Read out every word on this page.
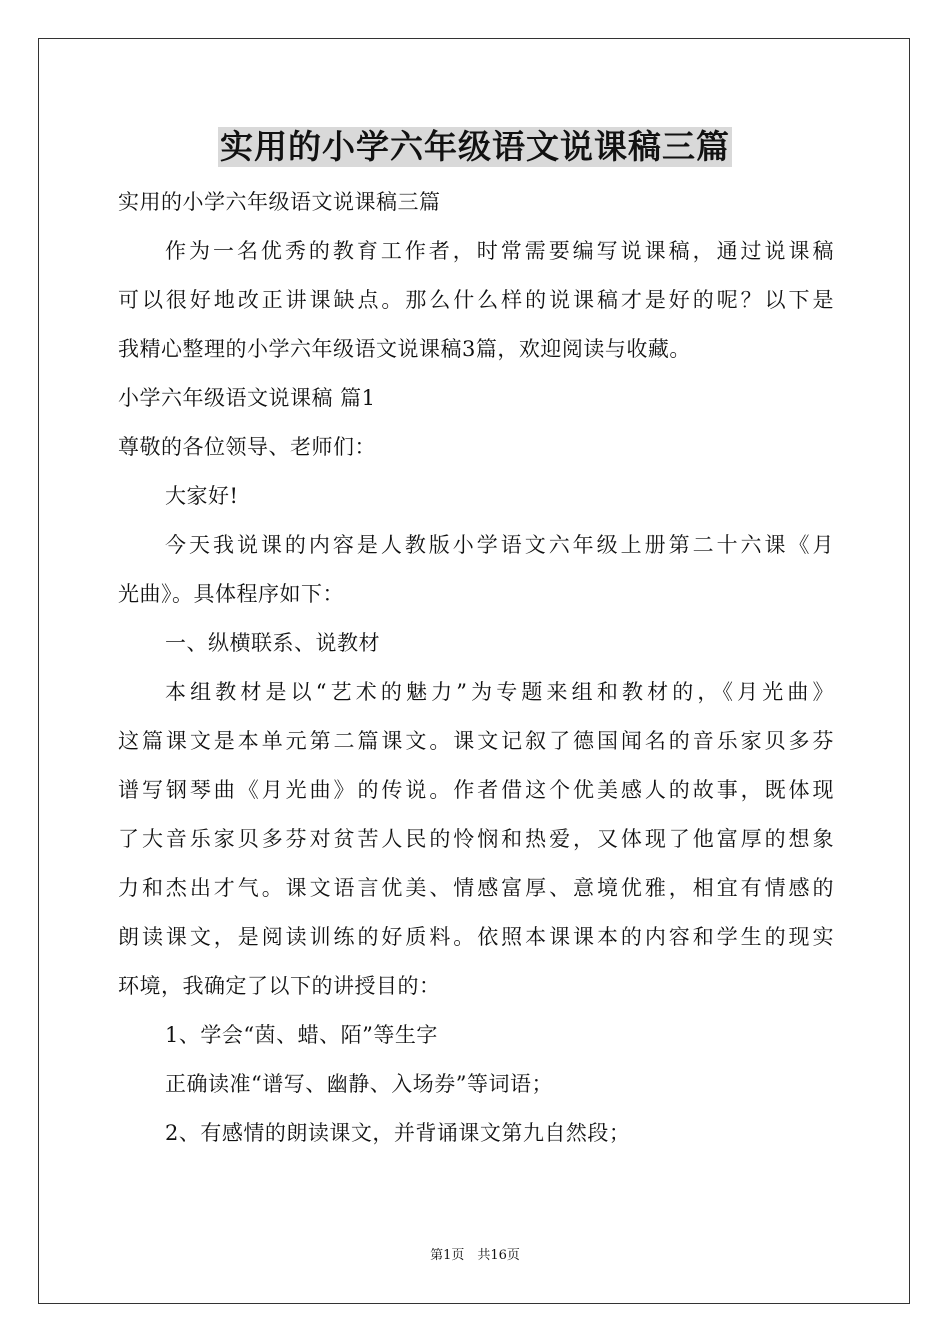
实用的小学六年级语文说课稿三篇
实用的小学六年级语文说课稿三篇
作为一名优秀的教育工作者，时常需要编写说课稿，通过说课稿
可以很好地改正讲课缺点。那么什么样的说课稿才是好的呢？以下是
我精心整理的小学六年级语文说课稿3篇，欢迎阅读与收藏。
小学六年级语文说课稿 篇1
尊敬的各位领导、老师们：
大家好!
今天我说课的内容是人教版小学语文六年级上册第二十六课《月
光曲》。具体程序如下：
一、纵横联系、说教材
本组教材是以“艺术的魅力”为专题来组和教材的，《月光曲》
这篇课文是本单元第二篇课文。课文记叙了德国闻名的音乐家贝多芬
谱写钢琴曲《月光曲》的传说。作者借这个优美感人的故事，既体现
了大音乐家贝多芬对贫苦人民的怜悯和热爱，又体现了他富厚的想象
力和杰出才气。课文语言优美、情感富厚、意境优雅，相宜有情感的
朗读课文，是阅读训练的好质料。依照本课课本的内容和学生的现实
环境，我确定了以下的讲授目的：
1、学会“茵、蜡、陌”等生字
正确读准“谱写、幽静、入场券”等词语；
2、有感情的朗读课文，并背诵课文第九自然段；
第1页　共16页
